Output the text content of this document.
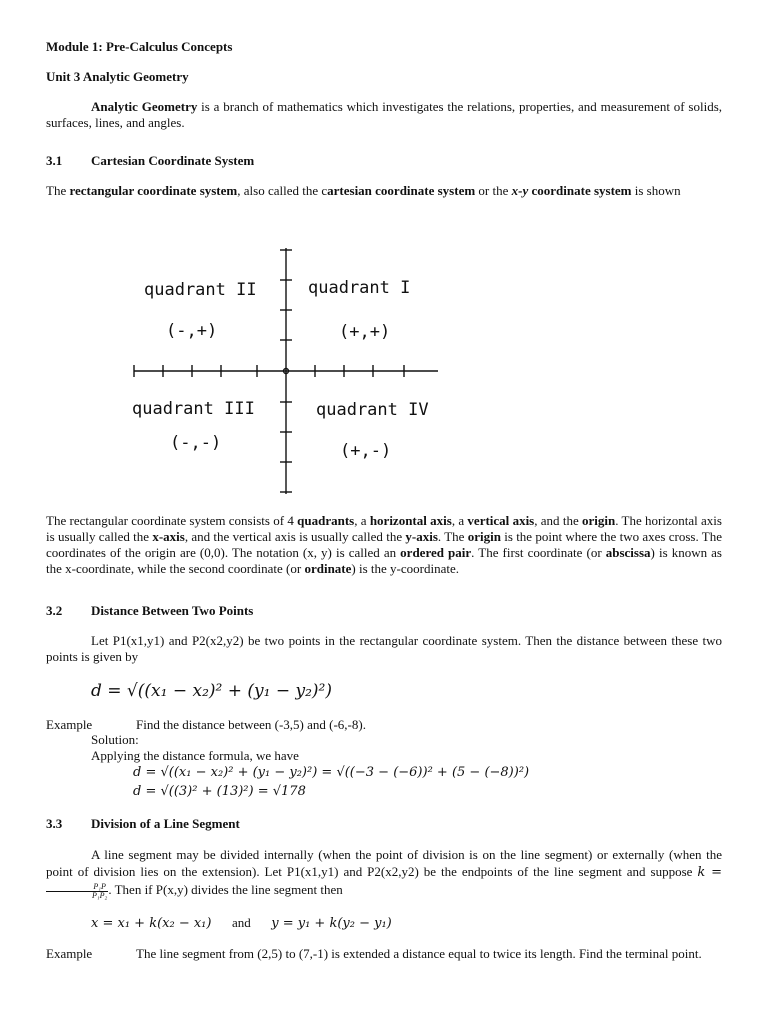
Module 1: Pre-Calculus Concepts

Unit 3 Analytic Geometry

Analytic Geometry is a branch of mathematics which investigates the relations, properties, and measurement of solids, surfaces, lines, and angles.

3.1 Cartesian Coordinate System

The rectangular coordinate system, also called the cartesian coordinate system or the x-y coordinate system is shown

quadrant II
(-,+)
quadrant I
(+,+)
quadrant III
(-,-)
quadrant IV
(+,-)

The rectangular coordinate system consists of 4 quadrants, a horizontal axis, a vertical axis, and the origin. The horizontal axis is usually called the x-axis, and the vertical axis is usually called the y-axis. The origin is the point where the two axes cross. The coordinates of the origin are (0,0). The notation (x, y) is called an ordered pair. The first coordinate (or abscissa) is known as the x-coordinate, while the second coordinate (or ordinate) is the y-coordinate.

3.2 Distance Between Two Points

Let P1(x1,y1) and P2(x2,y2) be two points in the rectangular coordinate system. Then the distance between these two points is given by

d = √((x₁ − x₂)² + (y₁ − y₂)²)

Example	Find the distance between (-3,5) and (-6,-8).

Solution:

Applying the distance formula, we have

d = √((x₁ − x₂)² + (y₁ − y₂)²) = √((−3 − (−6))² + (5 − (−8))²)
d = √((3)² + (13)²) = √178

3.3 Division of a Line Segment

A line segment may be divided internally (when the point of division is on the line segment) or externally (when the point of division lies on the extension). Let P1(x1,y1) and P2(x2,y2) be the endpoints of the line segment and suppose k =
$\frac{\text{P₁P}}{\text{P₁P₂}}$ . Then if P(x,y) divides the line segment then

x = x₁ + k(x₂ − x₁) and y = y₁ + k(y₂ − y₁)

Example	The line segment from (2,5) to (7,-1) is extended a distance equal to twice its length. Find the terminal point.
